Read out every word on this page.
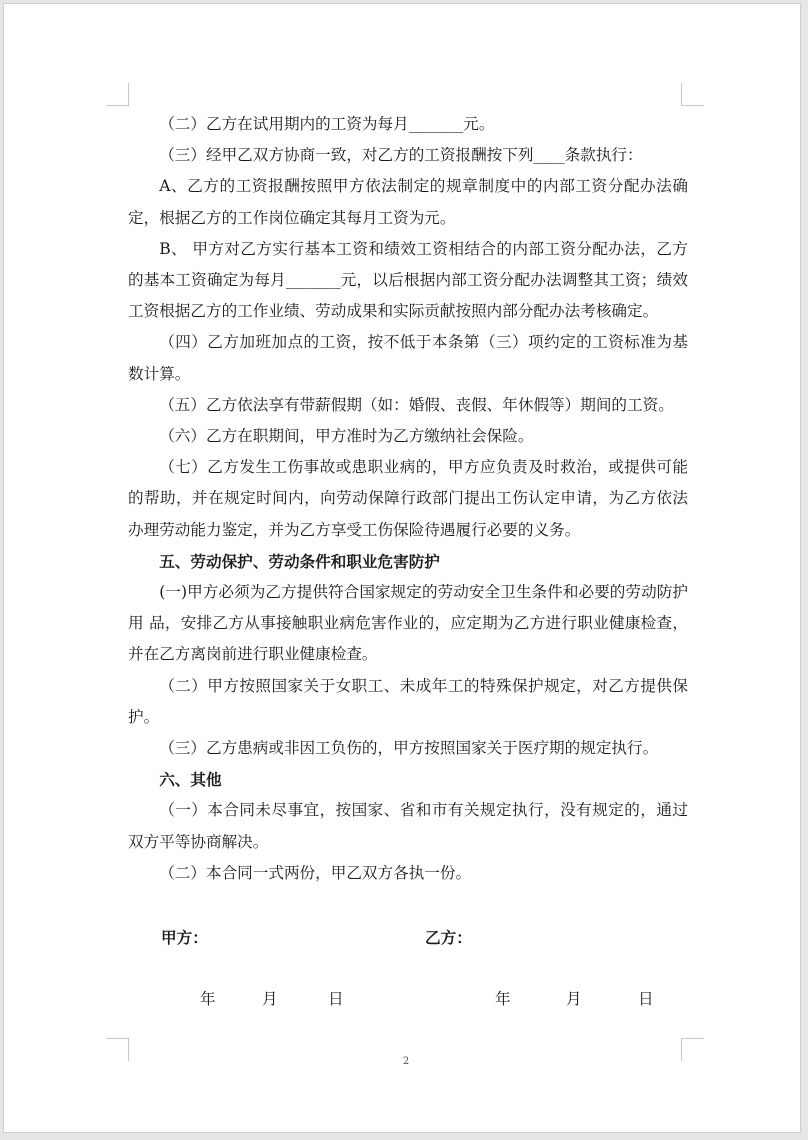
（二）乙方在试用期内的工资为每月_______元。

（三）经甲乙双方协商一致，对乙方的工资报酬按下列____条款执行：

A、乙方的工资报酬按照甲方依法制定的规章制度中的内部工资分配办法确定，根据乙方的工作岗位确定其每月工资为元。

B、 甲方对乙方实行基本工资和绩效工资相结合的内部工资分配办法，乙方的基本工资确定为每月_______元，以后根据内部工资分配办法调整其工资；绩效工资根据乙方的工作业绩、劳动成果和实际贡献按照内部分配办法考核确定。

（四）乙方加班加点的工资，按不低于本条第（三）项约定的工资标准为基数计算。

（五）乙方依法享有带薪假期（如：婚假、丧假、年休假等）期间的工资。

（六）乙方在职期间，甲方准时为乙方缴纳社会保险。

（七）乙方发生工伤事故或患职业病的，甲方应负责及时救治，或提供可能的帮助，并在规定时间内，向劳动保障行政部门提出工伤认定申请，为乙方依法办理劳动能力鉴定，并为乙方享受工伤保险待遇履行必要的义务。

五、劳动保护、劳动条件和职业危害防护

(一)甲方必须为乙方提供符合国家规定的劳动安全卫生条件和必要的劳动防护用 品，安排乙方从事接触职业病危害作业的，应定期为乙方进行职业健康检查，并在乙方离岗前进行职业健康检查。

（二）甲方按照国家关于女职工、未成年工的特殊保护规定，对乙方提供保护。

（三）乙方患病或非因工负伤的，甲方按照国家关于医疗期的规定执行。

六、其他

（一）本合同未尽事宜，按国家、省和市有关规定执行，没有规定的，通过双方平等协商解决。

（二）本合同一式两份，甲乙双方各执一份。

甲方：	乙方：
年	月	日	年	月	日
2
